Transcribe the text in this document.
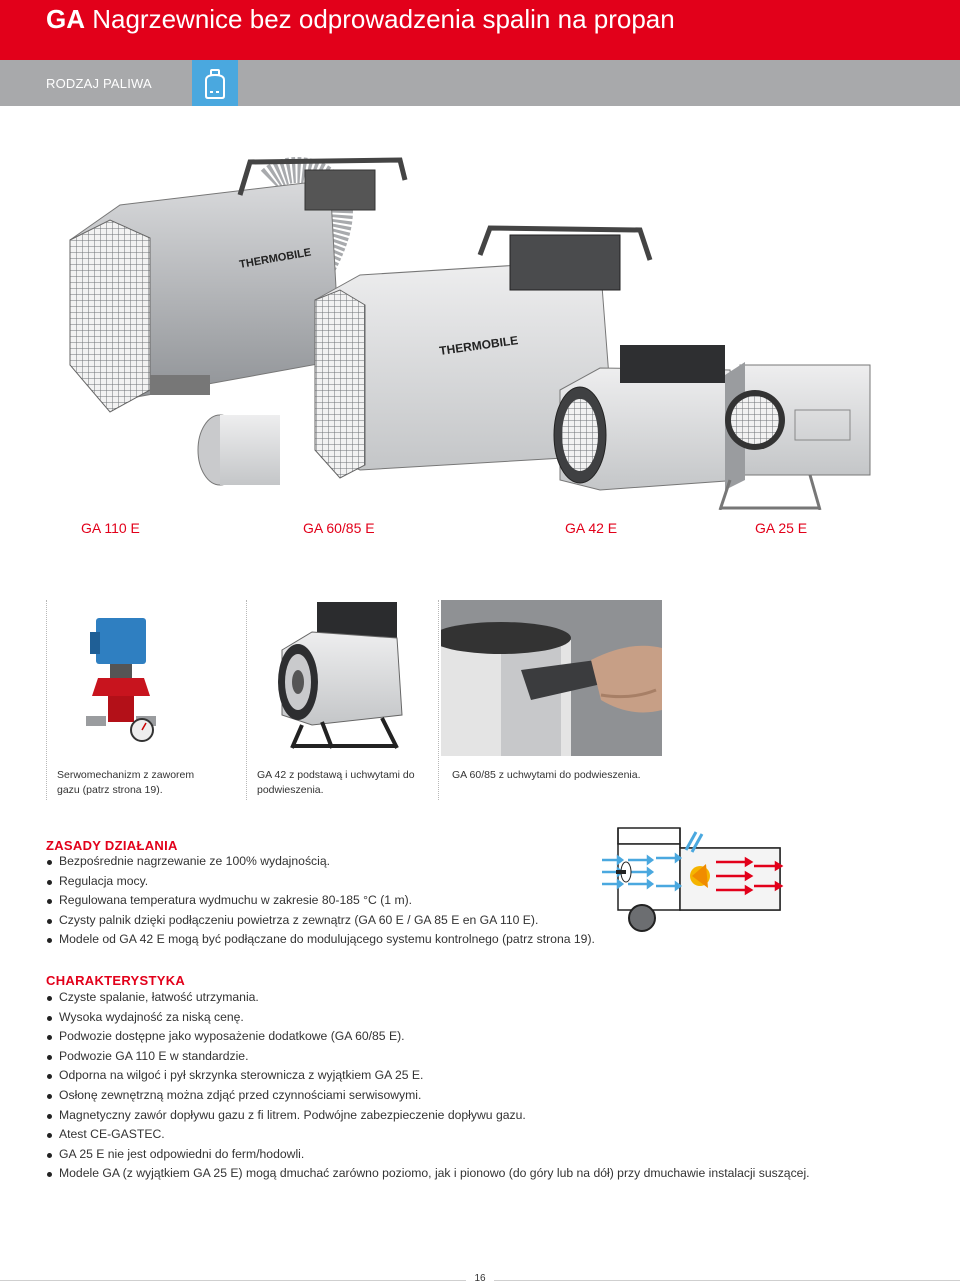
GA Nagrzewnice bez odprowadzenia spalin na propan
RODZAJ PALIWA
THERMOBILE
THERMOBILE
GA 110 E	GA 60/85 E	GA 42 E	GA 25 E
Serwomechanizm z zaworem
gazu (patrz strona 19).
GA 42 z podstawą i uchwytami do
podwieszenia.
GA 60/85 z uchwytami do podwieszenia.
ZASADY DZIAŁANIA
Bezpośrednie nagrzewanie ze 100% wydajnością.
Regulacja mocy.
Regulowana temperatura wydmuchu w zakresie 80-185 °C (1 m).
Czysty palnik dzięki podłączeniu powietrza z zewnątrz (GA 60 E / GA 85 E en GA 110 E).
Modele od GA 42 E mogą być podłączane do modulującego systemu kontrolnego (patrz strona 19).
CHARAKTERYSTYKA
Czyste spalanie, łatwość utrzymania.
Wysoka wydajność za niską cenę.
Podwozie dostępne jako wyposażenie dodatkowe (GA 60/85 E).
Podwozie GA 110 E w standardzie.
Odporna na wilgoć i pył skrzynka sterownicza z wyjątkiem GA 25 E.
Osłonę zewnętrzną można zdjąć przed czynnościami serwisowymi.
Magnetyczny zawór dopływu gazu z fi litrem. Podwójne zabezpieczenie dopływu gazu.
Atest CE-GASTEC.
GA 25 E nie jest odpowiedni do ferm/hodowli.
Modele GA (z wyjątkiem GA 25 E) mogą dmuchać zarówno poziomo, jak i pionowo (do góry lub na dół) przy dmuchawie instalacji suszącej.
16
